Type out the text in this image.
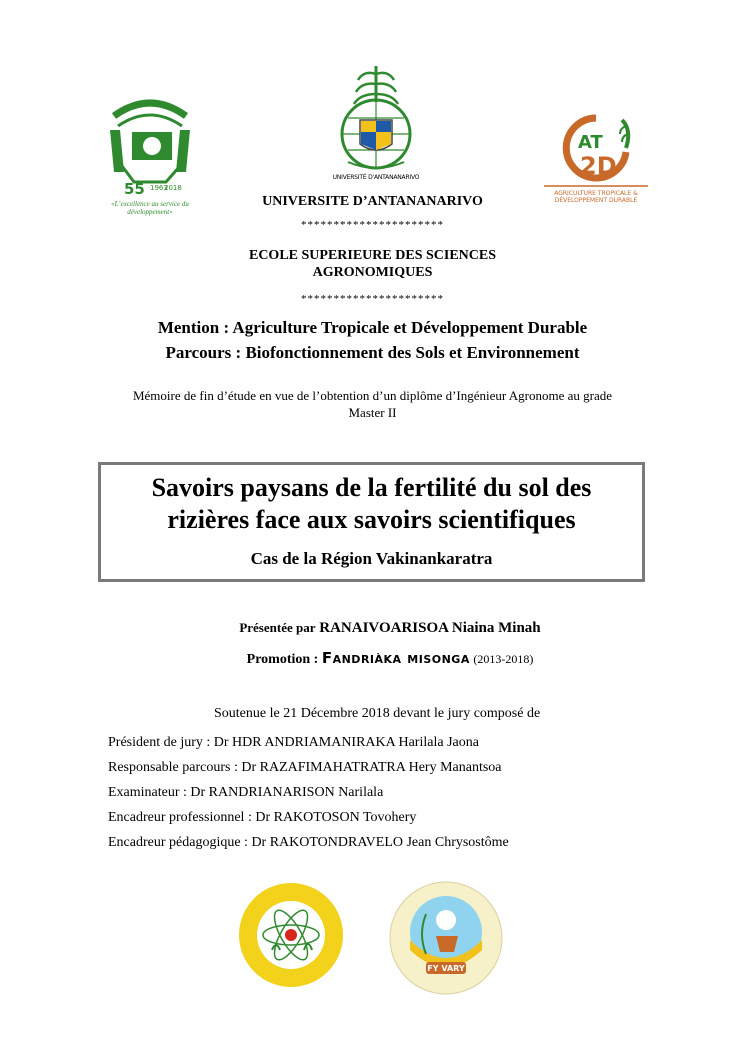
55 1963
2018
«L’excellence au service du développement»
UNIVERSITÉ D'ANTANANARIVO
AT
2D
AGRICULTURE TROPICALE &
DÉVELOPPEMENT DURABLE
UNIVERSITE D’ANTANANARIVO
**********************
ECOLE SUPERIEURE DES SCIENCES
AGRONOMIQUES
**********************
Mention : Agriculture Tropicale et Développement Durable
Parcours : Biofonctionnement des Sols et Environnement
Mémoire de fin d’étude en vue de l’obtention d’un diplôme d’Ingénieur Agronome au grade
Master II
Savoirs paysans de la fertilité du sol des
rizières face aux savoirs scientifiques
Cas de la Région Vakinankaratra
Présentée par RANAIVOARISOA Niaina Minah
Promotion : Fandriàka misonga (2013-2018)
Soutenue le 21 Décembre 2018 devant le jury composé de
Président de jury : Dr HDR ANDRIAMANIRAKA Harilala Jaona
Responsable parcours : Dr RAZAFIMAHATRATRA Hery Manantsoa
Examinateur : Dr RANDRIANARISON Narilala
Encadreur professionnel : Dr RAKOTOSON Tovohery
Encadreur pédagogique : Dr RAKOTONDRAVELO Jean Chrysostôme
FY VARY
